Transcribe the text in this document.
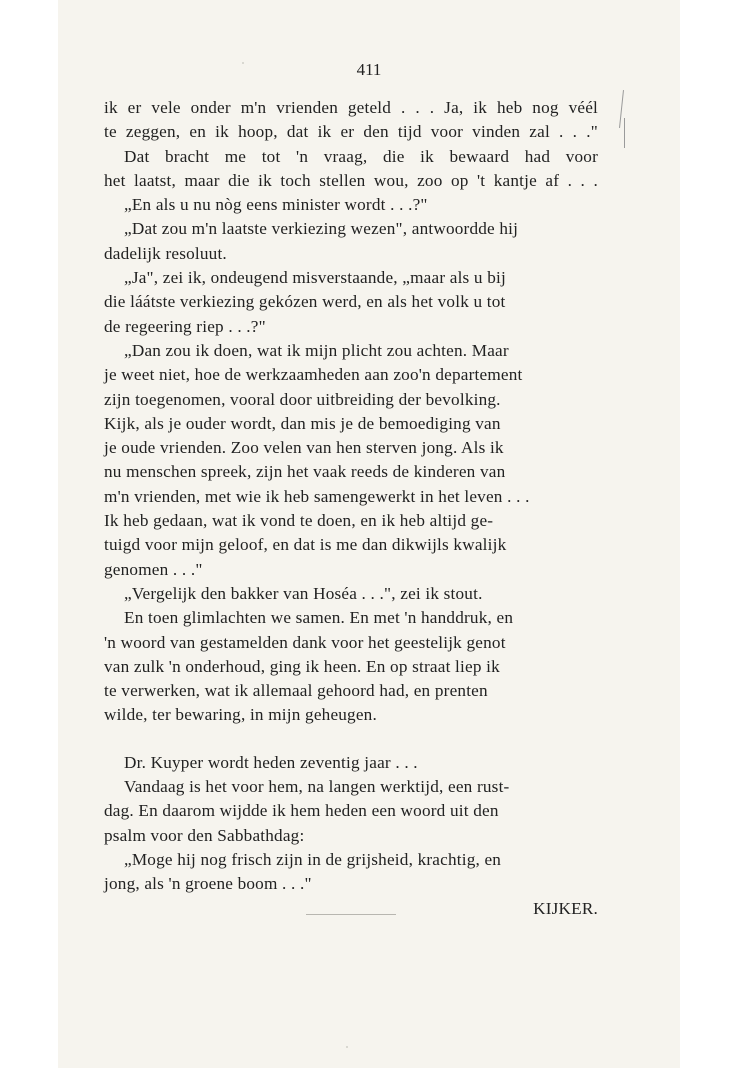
411

ik er vele onder m'n vrienden geteld . . . Ja, ik heb nog véél
te zeggen, en ik hoop, dat ik er den tijd voor vinden zal . . ."

Dat bracht me tot 'n vraag, die ik bewaard had voor
het laatst, maar die ik toch stellen wou, zoo op 't kantje af . . .

„En als u nu nòg eens minister wordt . . .?"

„Dat zou m'n laatste verkiezing wezen", antwoordde hij
dadelijk resoluut.

„Ja", zei ik, ondeugend misverstaande, „maar als u bij
die láátste verkiezing gekózen werd, en als het volk u tot
de regeering riep . . .?"

„Dan zou ik doen, wat ik mijn plicht zou achten. Maar
je weet niet, hoe de werkzaamheden aan zoo'n departement
zijn toegenomen, vooral door uitbreiding der bevolking.
Kijk, als je ouder wordt, dan mis je de bemoediging van
je oude vrienden. Zoo velen van hen sterven jong. Als ik
nu menschen spreek, zijn het vaak reeds de kinderen van
m'n vrienden, met wie ik heb samengewerkt in het leven . . .
Ik heb gedaan, wat ik vond te doen, en ik heb altijd ge-
tuigd voor mijn geloof, en dat is me dan dikwijls kwalijk
genomen . . ."

„Vergelijk den bakker van Hoséa . . .", zei ik stout.

En toen glimlachten we samen. En met 'n handdruk, en
'n woord van gestamelden dank voor het geestelijk genot
van zulk 'n onderhoud, ging ik heen. En op straat liep ik
te verwerken, wat ik allemaal gehoord had, en prenten
wilde, ter bewaring, in mijn geheugen.

Dr. Kuyper wordt heden zeventig jaar . . .

Vandaag is het voor hem, na langen werktijd, een rust-
dag. En daarom wijdde ik hem heden een woord uit den
psalm voor den Sabbathdag:

„Moge hij nog frisch zijn in de grijsheid, krachtig, en
jong, als 'n groene boom . . ."

KIJKER.
